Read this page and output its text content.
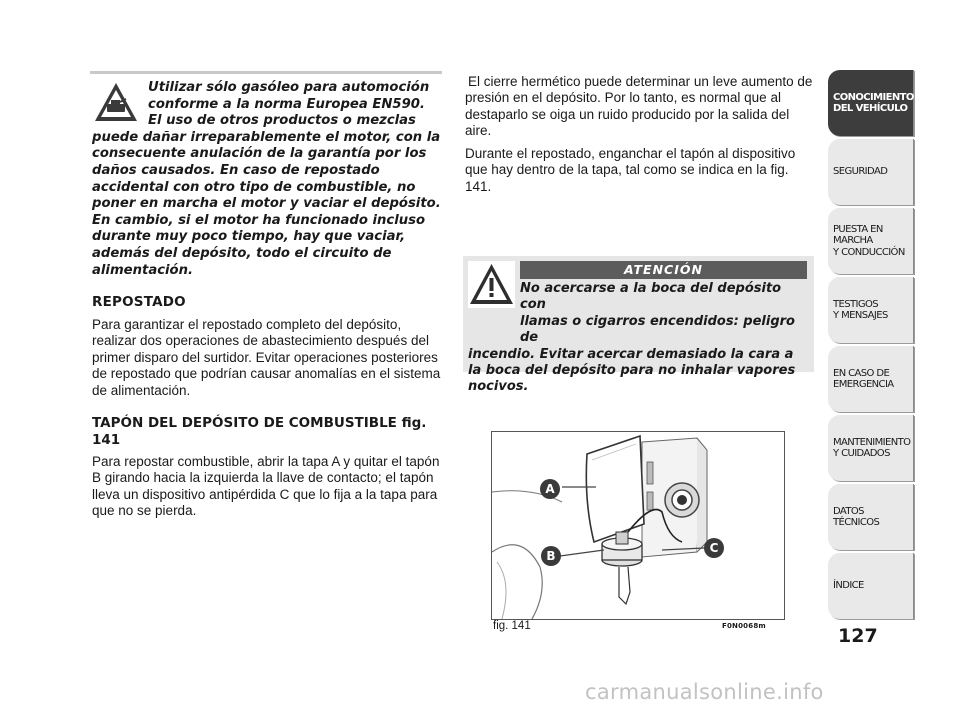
Utilizar sólo gasóleo para automoción
conforme a la norma Europea EN590.
El uso de otros productos o mezclas
puede dañar irreparablemente el motor, con la consecuente anulación de la garantía por los daños causados. En caso de repostado accidental con otro tipo de combustible, no poner en marcha el motor y vaciar el depósito. En cambio, si el motor ha funcionado incluso durante muy poco tiempo, hay que vaciar, además del depósito, todo el circuito de alimentación.
REPOSTADO
Para garantizar el repostado completo del depósito, realizar dos operaciones de abastecimiento después del primer disparo del surtidor. Evitar operaciones posteriores de repostado que podrían causar anomalías en el sistema de alimentación.
TAPÓN DEL DEPÓSITO DE COMBUSTIBLE fig. 141
Para repostar combustible, abrir la tapa A y quitar el tapón B girando hacia la izquierda la llave de contacto; el tapón lleva un dispositivo antipérdida C que lo fija a la tapa para que no se pierda.
El cierre hermético puede determinar un leve aumento de presión en el depósito. Por lo tanto, es normal que al destaparlo se oiga un ruido producido por la salida del aire.
Durante el repostado, enganchar el tapón al dispositivo que hay dentro de la tapa, tal como se indica en la fig. 141.
ATENCIÓN
No acercarse a la boca del depósito con
llamas o cigarros encendidos: peligro de
incendio. Evitar acercar demasiado la cara a la boca del depósito para no inhalar vapores nocivos.
A
B
C
fig. 141	F0N0068m
CONOCIMIENTO
DEL VEHÍCULO
SEGURIDAD
PUESTA EN
MARCHA
Y CONDUCCIÓN
TESTIGOS
Y MENSAJES
EN CASO DE
EMERGENCIA
MANTENIMIENTO
Y CUIDADOS
DATOS
TÉCNICOS
ÍNDICE
127
carmanualsonline.info
